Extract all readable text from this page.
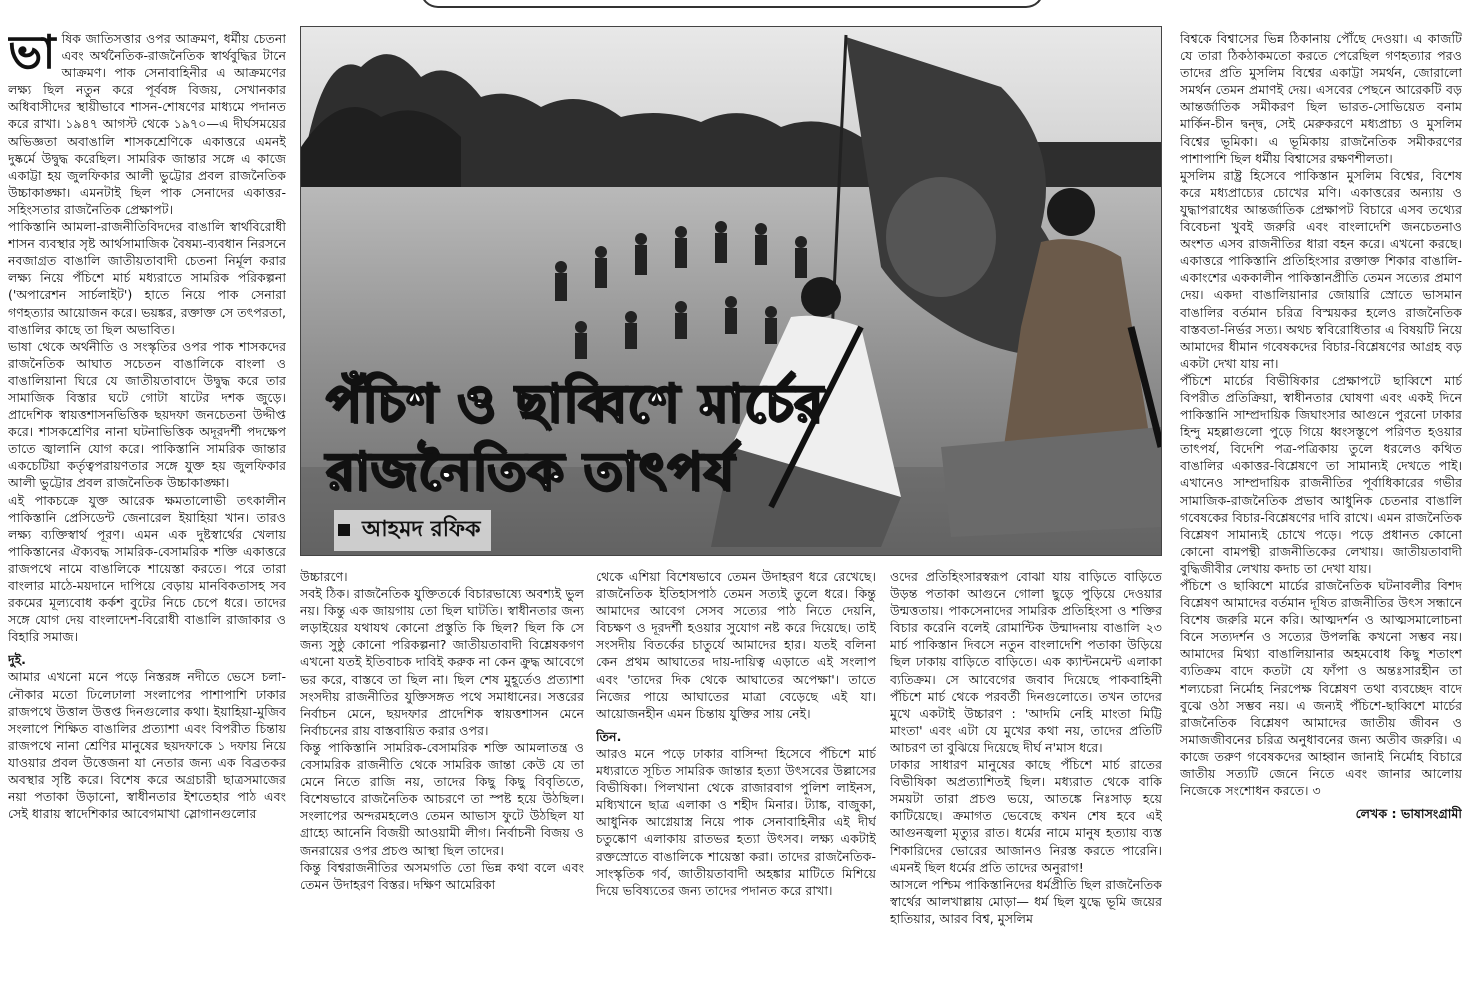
ভা ষিক জাতিসত্তার ওপর আক্রমণ, ধর্মীয় চেতনা এবং অর্থনৈতিক-রাজনৈতিক স্বার্থবুদ্ধির টানে আক্রমণ। পাক সেনাবাহিনীর এ আক্রমণের লক্ষ্য ছিল নতুন করে পূর্ববঙ্গ বিজয়, সেখানকার অধিবাসীদের স্থায়ীভাবে শাসন-শোষণের মাধ্যমে পদানত করে রাখা। ১৯৪৭ আগস্ট থেকে ১৯৭০—এ দীর্ঘসময়ের অভিজ্ঞতা অবাঙালি শাসকশ্রেণিকে একাত্তরে এমনই দুষ্কর্মে উদ্বুদ্ধ করেছিল। সামরিক জান্তার সঙ্গে এ কাজে একাট্টা হয় জুলফিকার আলী ভুট্টোর প্রবল রাজনৈতিক উচ্চাকাঙ্ক্ষা। এমনটাই ছিল পাক সেনাদের একাত্তর-সহিংসতার রাজনৈতিক প্রেক্ষাপট।

পাকিস্তানি আমলা-রাজনীতিবিদদের বাঙালি স্বার্থবিরোধী শাসন ব্যবস্থার সৃষ্ট আর্থসামাজিক বৈষম্য-ব্যবধান নিরসনে নবজাগ্রত বাঙালি জাতীয়তাবাদী চেতনা নির্মূল করার লক্ষ্য নিয়ে পঁচিশে মার্চ মধ্যরাতে সামরিক পরিকল্পনা ('অপারেশন সার্চলাইট') হাতে নিয়ে পাক সেনারা গণহত্যার আয়োজন করে। ভয়ঙ্কর, রক্তাক্ত সে তৎপরতা, বাঙালির কাছে তা ছিল অভাবিত।

ভাষা থেকে অর্থনীতি ও সংস্কৃতির ওপর পাক শাসকদের রাজনৈতিক আঘাত সচেতন বাঙালিকে বাংলা ও বাঙালিয়ানা ঘিরে যে জাতীয়তাবাদে উদ্বুদ্ধ করে তার সামাজিক বিস্তার ঘটে গোটা ষাটের দশক জুড়ে। প্রাদেশিক স্বায়ত্তশাসনভিত্তিক ছয়দফা জনচেতনা উদ্দীপ্ত করে। শাসকশ্রেণির নানা ঘটনাভিত্তিক অদূরদর্শী পদক্ষেপ তাতে জ্বালানি যোগ করে। পাকিস্তানি সামরিক জান্তার একচেটিয়া কর্তৃত্বপরায়ণতার সঙ্গে যুক্ত হয় জুলফিকার আলী ভুট্টোর প্রবল রাজনৈতিক উচ্চাকাঙ্ক্ষা।

এই পাকচক্রে যুক্ত আরেক ক্ষমতালোভী তৎকালীন পাকিস্তানি প্রেসিডেন্ট জেনারেল ইয়াহিয়া খান। তারও লক্ষ্য ব্যক্তিস্বার্থ পূরণ। এমন এক দুষ্টস্বার্থের খেলায় পাকিস্তানের ঐক্যবদ্ধ সামরিক-বেসামরিক শক্তি একাত্তরে রাজপথে নামে বাঙালিকে শায়েস্তা করতে। পরে তারা বাংলার মাঠে-ময়দানে দাপিয়ে বেড়ায় মানবিকতাসহ সব রকমের মূল্যবোধ কর্কশ বুটের নিচে চেপে ধরে। তাদের সঙ্গে যোগ দেয় বাংলাদেশ-বিরোধী বাঙালি রাজাকার ও বিহারি সমাজ।

দুই.

আমার এখনো মনে পড়ে নিস্তরঙ্গ নদীতে ভেসে চলা-নৌকার মতো ঢিলেঢালা সংলাপের পাশাপাশি ঢাকার রাজপথে উত্তাল উত্তপ্ত দিনগুলোর কথা। ইয়াহিয়া-মুজিব সংলাপে শিক্ষিত বাঙালির প্রত্যাশা এবং বিপরীত চিন্তায় রাজপথে নানা শ্রেণির মানুষের ছয়দফাকে ১ দফায় নিয়ে যাওয়ার প্রবল উত্তেজনা যা নেতার জন্য এক বিব্রতকর অবস্থার সৃষ্টি করে। বিশেষ করে অগ্রচারী ছাত্রসমাজের নয়া পতাকা উড়ানো, স্বাধীনতার ইশতেহার পাঠ এবং সেই ধারায় স্বাদেশিকার আবেগমাখা স্লোগানগুলোর

পঁচিশ ও ছাব্বিশে মার্চের
রাজনৈতিক তাৎপর্য
আহমদ রফিক

উচ্চারণে।

সবই ঠিক। রাজনৈতিক যুক্তিতর্কে বিচারভাষ্যে অবশ্যই ভুল নয়। কিন্তু এক জায়গায় তো ছিল ঘাটতি। স্বাধীনতার জন্য লড়াইয়ের যথাযথ কোনো প্রস্তুতি কি ছিল? ছিল কি সে জন্য সুষ্ঠু কোনো পরিকল্পনা? জাতীয়তাবাদী বিশ্লেষকগণ এখনো যতই ইতিবাচক দাবিই করুক না কেন ক্রুদ্ধ আবেগে ভর করে, বাস্তবে তা ছিল না। ছিল শেষ মুহূর্তেও প্রত্যাশা সংসদীয় রাজনীতির যুক্তিসঙ্গত পথে সমাধানের। সত্তরের নির্বাচন মেনে, ছয়দফার প্রাদেশিক স্বায়ত্তশাসন মেনে নির্বাচনের রায় বাস্তবায়িত করার ওপর।

কিন্তু পাকিস্তানি সামরিক-বেসামরিক শক্তি আমলাতন্ত্র ও বেসামরিক রাজনীতি থেকে সামরিক জান্তা কেউ যে তা মেনে নিতে রাজি নয়, তাদের কিছু কিছু বিবৃতিতে, বিশেষভাবে রাজনৈতিক আচরণে তা স্পষ্ট হয়ে উঠছিল। সংলাপের অন্দরমহলেও তেমন আভাস ফুটে উঠছিল যা গ্রাহ্যে আনেনি বিজয়ী আওয়ামী লীগ। নির্বাচনী বিজয় ও জনরায়ের ওপর প্রচণ্ড আস্থা ছিল তাদের।

কিন্তু বিশ্বরাজনীতির অসমগতি তো ভিন্ন কথা বলে এবং তেমন উদাহরণ বিস্তর। দক্ষিণ আমেরিকা

থেকে এশিয়া বিশেষভাবে তেমন উদাহরণ ধরে রেখেছে। রাজনৈতিক ইতিহাসপাঠ তেমন সত্যই তুলে ধরে। কিন্তু আমাদের আবেগ সেসব সত্যের পাঠ নিতে দেয়নি, বিচক্ষণ ও দূরদর্শী হওয়ার সুযোগ নষ্ট করে দিয়েছে। তাই সংসদীয় বিতর্কের চাতুর্যে আমাদের হার। যতই বলিনা কেন প্রথম আঘাতের দায়-দায়িত্ব এড়াতে এই সংলাপ এবং 'তাদের দিক থেকে আঘাতের অপেক্ষা'। তাতে নিজের পায়ে আঘাতের মাত্রা বেড়েছে এই যা। আয়োজনহীন এমন চিন্তায় যুক্তির সায় নেই।

তিন.

আরও মনে পড়ে ঢাকার বাসিন্দা হিসেবে পঁচিশে মার্চ মধ্যরাতে সূচিত সামরিক জান্তার হত্যা উৎসবের উল্লাসের বিভীষিকা। পিলখানা থেকে রাজারবাগ পুলিশ লাইনস, মধ্যিখানে ছাত্র এলাকা ও শহীদ মিনার। ট্যাঙ্ক, বাজুকা, আধুনিক আগ্নেয়াস্ত্র নিয়ে পাক সেনাবাহিনীর এই দীর্ঘ চতুষ্কোণ এলাকায় রাতভর হত্যা উৎসব। লক্ষ্য একটাই রক্তস্রোতে বাঙালিকে শায়েস্তা করা। তাদের রাজনৈতিক-সাংস্কৃতিক গর্ব, জাতীয়তাবাদী অহঙ্কার মাটিতে মিশিয়ে দিয়ে ভবিষ্যতের জন্য তাদের পদানত করে রাখা।

ওদের প্রতিহিংসারস্বরূপ বোঝা যায় বাড়িতে বাড়িতে উড়ন্ত পতাকা আগুনে গোলা ছুড়ে পুড়িয়ে দেওয়ার উন্মত্ততায়। পাকসেনাদের সামরিক প্রতিহিংসা ও শক্তির বিচার করেনি বলেই রোমান্টিক উন্মাদনায় বাঙালি ২৩ মার্চ পাকিস্তান দিবসে নতুন বাংলাদেশি পতাকা উড়িয়ে ছিল ঢাকায় বাড়িতে বাড়িতে। এক ক্যান্টনমেন্ট এলাকা ব্যতিক্রম। সে আবেগের জবাব দিয়েছে পাকবাহিনী পঁচিশে মার্চ থেকে পরবর্তী দিনগুলোতে। তখন তাদের মুখে একটাই উচ্চারণ : 'আদমি নেহি মাংতা মিট্টি মাংতা' এবং এটা যে মুখের কথা নয়, তাদের প্রতিটি আচরণ তা বুঝিয়ে দিয়েছে দীর্ঘ ন'মাস ধরে।

ঢাকার সাধারণ মানুষের কাছে পঁচিশে মার্চ রাতের বিভীষিকা অপ্রত্যাশিতই ছিল। মধ্যরাত থেকে বাকি সময়টা তারা প্রচণ্ড ভয়ে, আতঙ্কে নিঃসাড় হয়ে কাটিয়েছে। ক্রমাগত ভেবেছে কখন শেষ হবে এই আগুনজ্বলা মৃত্যুর রাত। ধর্মের নামে মানুষ হত্যায় ব্যস্ত শিকারিদের ভোরের আজানও নিরস্ত করতে পারেনি। এমনই ছিল ধর্মের প্রতি তাদের অনুরাগ!

আসলে পশ্চিম পাকিস্তানিদের ধর্মপ্রীতি ছিল রাজনৈতিক স্বার্থের আলখাল্লায় মোড়া— ধর্ম ছিল যুদ্ধে ভূমি জয়ের হাতিয়ার, আরব বিশ্ব, মুসলিম

বিশ্বকে বিশ্বাসের ভিন্ন ঠিকানায় পৌঁছে দেওয়া। এ কাজটি যে তারা ঠিকঠাকমতো করতে পেরেছিল গণহত্যার পরও তাদের প্রতি মুসলিম বিশ্বের একাট্টা সমর্থন, জোরালো সমর্থন তেমন প্রমাণই দেয়। এসবের পেছনে আরেকটি বড় আন্তর্জাতিক সমীকরণ ছিল ভারত-সোভিয়েত বনাম মার্কিন-চীন দ্বন্দ্ব, সেই মেরুকরণে মধ্যপ্রাচ্য ও মুসলিম বিশ্বের ভূমিকা। এ ভূমিকায় রাজনৈতিক সমীকরণের পাশাপাশি ছিল ধর্মীয় বিশ্বাসের রক্ষণশীলতা।

মুসলিম রাষ্ট্র হিসেবে পাকিস্তান মুসলিম বিশ্বের, বিশেষ করে মধ্যপ্রাচ্যের চোখের মণি। একাত্তরের অন্যায় ও যুদ্ধাপরাধের আন্তর্জাতিক প্রেক্ষাপট বিচারে এসব তথ্যের বিবেচনা খুবই জরুরি এবং বাংলাদেশি জনচেতনাও অংশত এসব রাজনীতির ধারা বহন করে। এখনো করছে। একাত্তরে পাকিস্তানি প্রতিহিংসার রক্তাক্ত শিকার বাঙালি-একাংশের এককালীন পাকিস্তানপ্রীতি তেমন সত্যের প্রমাণ দেয়। একদা বাঙালিয়ানার জোয়ারি স্রোতে ভাসমান বাঙালির বর্তমান চরিত্র বিস্ময়কর হলেও রাজনৈতিক বাস্তবতা-নির্ভর সত্য। অথচ স্ববিরোধিতার এ বিষয়টি নিয়ে আমাদের ধীমান গবেষকদের বিচার-বিশ্লেষণের আগ্রহ বড় একটা দেখা যায় না।

পঁচিশে মার্চের বিভীষিকার প্রেক্ষাপটে ছাব্বিশে মার্চ বিপরীত প্রতিক্রিয়া, স্বাধীনতার ঘোষণা এবং একই দিনে পাকিস্তানি সাম্প্রদায়িক জিঘাংসার আগুনে পুরনো ঢাকার হিন্দু মহল্লাগুলো পুড়ে গিয়ে ধ্বংসস্তূপে পরিণত হওয়ার তাৎপর্য, বিদেশি পত্র-পত্রিকায় তুলে ধরলেও কথিত বাঙালির একাত্তর-বিশ্লেষণে তা সামান্যই দেখতে পাই। এখানেও সাম্প্রদায়িক রাজনীতির পূর্বাধিকারের গভীর সামাজিক-রাজনৈতিক প্রভাব আধুনিক চেতনার বাঙালি গবেষকের বিচার-বিশ্লেষণের দাবি রাখে। এমন রাজনৈতিক বিশ্লেষণ সামান্যই চোখে পড়ে। পড়ে প্রধানত কোনো কোনো বামপন্থী রাজনীতিকের লেখায়। জাতীয়তাবাদী বুদ্ধিজীবীর লেখায় কদাচ তা দেখা যায়।

পঁচিশে ও ছাব্বিশে মার্চের রাজনৈতিক ঘটনাবলীর বিশদ বিশ্লেষণ আমাদের বর্তমান দূষিত রাজনীতির উৎস সন্ধানে বিশেষ জরুরি মনে করি। আত্মদর্শন ও আত্মসমালোচনা বিনে সত্যদর্শন ও সত্যের উপলব্ধি কখনো সম্ভব নয়। আমাদের মিথ্যা বাঙালিয়ানার অহমবোধ কিছু শতাংশ ব্যতিক্রম বাদে কতটা যে ফাঁপা ও অন্তঃসারহীন তা শল্যচেরা নির্মোহ নিরপেক্ষ বিশ্লেষণ তথা ব্যবচ্ছেদ বাদে বুঝে ওঠা সম্ভব নয়। এ জন্যই পঁচিশে-ছাব্বিশে মার্চের রাজনৈতিক বিশ্লেষণ আমাদের জাতীয় জীবন ও সমাজজীবনের চরিত্র অনুধাবনের জন্য অতীব জরুরি। এ কাজে তরুণ গবেষকদের আহ্বান জানাই নির্মোহ বিচারে জাতীয় সত্যটি জেনে নিতে এবং জানার আলোয় নিজেকে সংশোধন করতে। ৩

লেখক : ভাষাসংগ্রামী
